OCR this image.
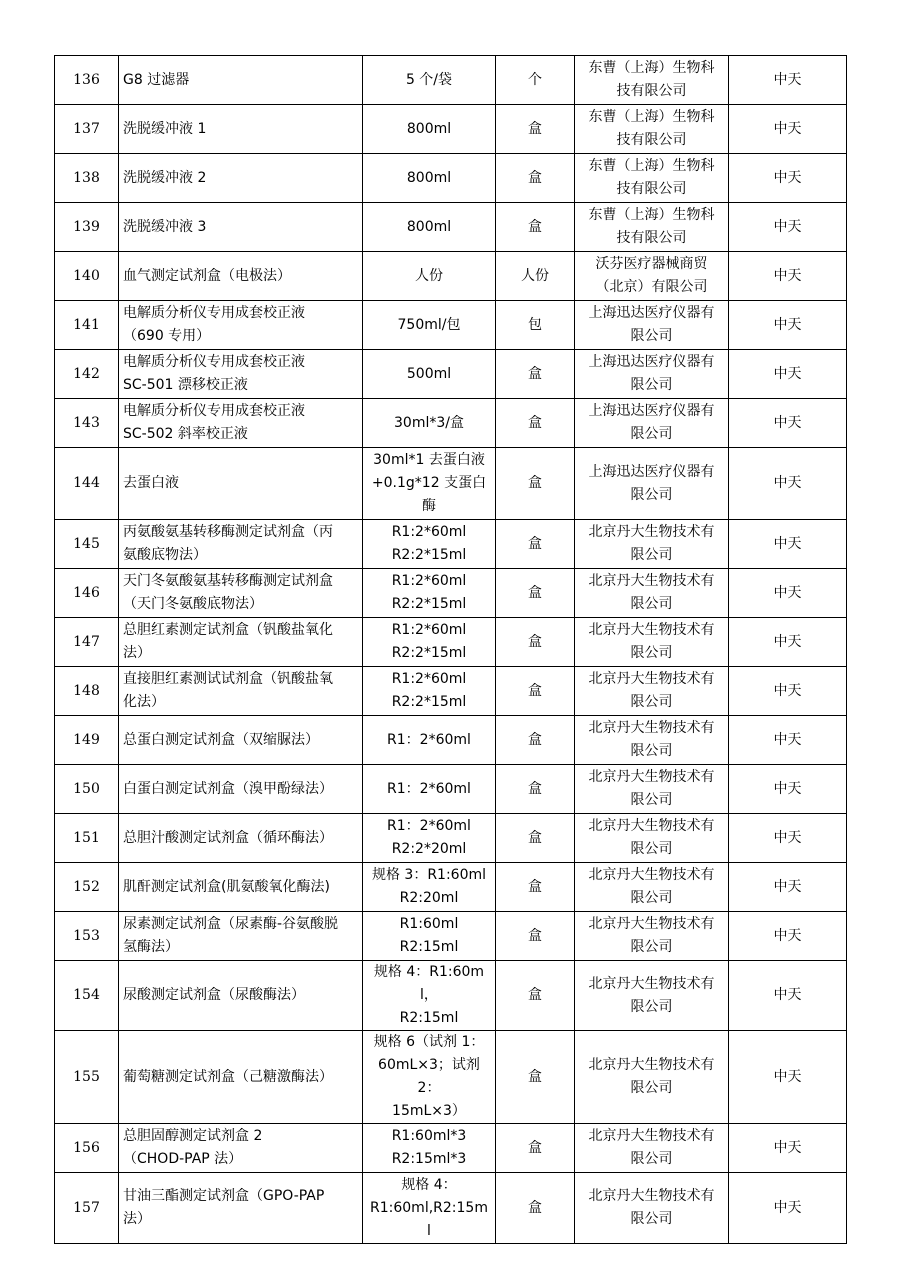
136	G8 过滤器	5 个/袋	个	东曹（上海）生物科
技有限公司	中天
137	洗脱缓冲液 1	800ml	盒	东曹（上海）生物科
技有限公司	中天
138	洗脱缓冲液 2	800ml	盒	东曹（上海）生物科
技有限公司	中天
139	洗脱缓冲液 3	800ml	盒	东曹（上海）生物科
技有限公司	中天
140	血气测定试剂盒（电极法）	人份	人份	沃芬医疗器械商贸
（北京）有限公司	中天
141	电解质分析仪专用成套校正液
（690 专用）	750ml/包	包	上海迅达医疗仪器有
限公司	中天
142	电解质分析仪专用成套校正液
SC-501 漂移校正液	500ml	盒	上海迅达医疗仪器有
限公司	中天
143	电解质分析仪专用成套校正液
SC-502 斜率校正液	30ml*3/盒	盒	上海迅达医疗仪器有
限公司	中天
144	去蛋白液	30ml*1 去蛋白液
+0.1g*12 支蛋白
酶	盒	上海迅达医疗仪器有
限公司	中天
145	丙氨酸氨基转移酶测定试剂盒（丙
氨酸底物法）	R1:2*60ml
R2:2*15ml	盒	北京丹大生物技术有
限公司	中天
146	天门冬氨酸氨基转移酶测定试剂盒
（天门冬氨酸底物法）	R1:2*60ml
R2:2*15ml	盒	北京丹大生物技术有
限公司	中天
147	总胆红素测定试剂盒（钒酸盐氧化
法）	R1:2*60ml
R2:2*15ml	盒	北京丹大生物技术有
限公司	中天
148	直接胆红素测试试剂盒（钒酸盐氧
化法）	R1:2*60ml
R2:2*15ml	盒	北京丹大生物技术有
限公司	中天
149	总蛋白测定试剂盒（双缩脲法）	R1：2*60ml	盒	北京丹大生物技术有
限公司	中天
150	白蛋白测定试剂盒（溴甲酚绿法）	R1：2*60ml	盒	北京丹大生物技术有
限公司	中天
151	总胆汁酸测定试剂盒（循环酶法）	R1：2*60ml
R2:2*20ml	盒	北京丹大生物技术有
限公司	中天
152	肌酐测定试剂盒(肌氨酸氧化酶法)	规格 3：R1:60ml
R2:20ml	盒	北京丹大生物技术有
限公司	中天
153	尿素测定试剂盒（尿素酶-谷氨酸脱
氢酶法）	R1:60ml
R2:15ml	盒	北京丹大生物技术有
限公司	中天
154	尿酸测定试剂盒（尿酸酶法）	规格 4：R1:60ml，
R2:15ml	盒	北京丹大生物技术有
限公司	中天
155	葡萄糖测定试剂盒（己糖激酶法）	规格 6（试剂 1：
60mL×3；试剂 2：
15mL×3）	盒	北京丹大生物技术有
限公司	中天
156	总胆固醇测定试剂盒 2
（CHOD-PAP 法）	R1:60ml*3
R2:15ml*3	盒	北京丹大生物技术有
限公司	中天
157	甘油三酯测定试剂盒（GPO-PAP
法）	规格 4：
R1:60ml,R2:15m
l	盒	北京丹大生物技术有
限公司	中天
